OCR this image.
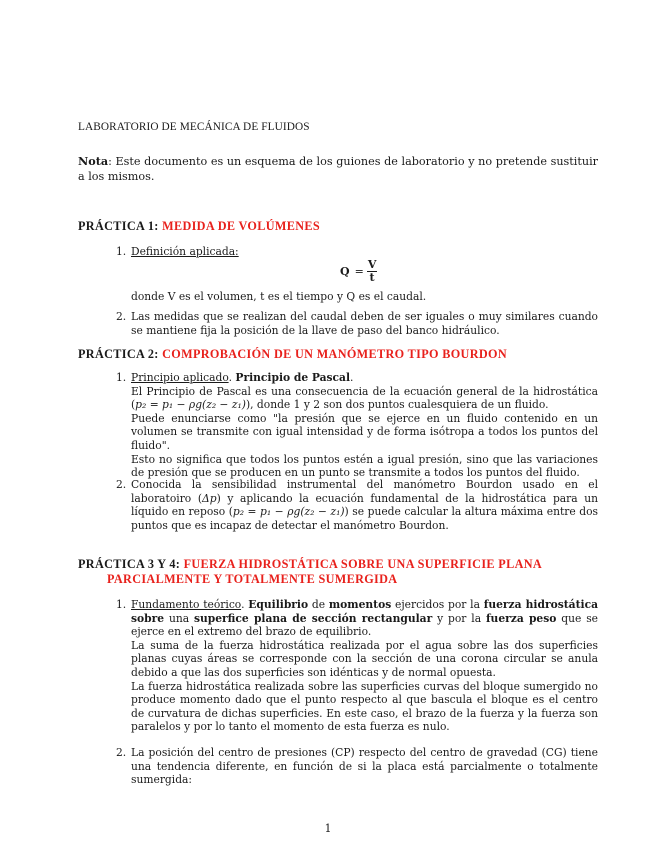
LABORATORIO DE MECÁNICA DE FLUIDOS
Nota: Este documento es un esquema de los guiones de laboratorio y no pretende sustituir a los mismos.
PRÁCTICA 1: MEDIDA DE VOLÚMENES
1. Definición aplicada:
Q	=	V
t
donde V es el volumen, t es el tiempo y Q es el caudal.
2. Las medidas que se realizan del caudal deben de ser iguales o muy similares cuando se mantiene fija la posición de la llave de paso del banco hidráulico.
PRÁCTICA 2: COMPROBACIÓN DE UN MANÓMETRO TIPO BOURDON
1. Principio aplicado. Principio de Pascal.
El Principio de Pascal es una consecuencia de la ecuación general de la hidrostática (p₂ = p₁ − ρg(z₂ − z₁)), donde 1 y 2 son dos puntos cualesquiera de un fluido.
Puede enunciarse como "la presión que se ejerce en un fluido contenido en un volumen se transmite con igual intensidad y de forma isótropa a todos los puntos del fluido".
Esto no significa que todos los puntos estén a igual presión, sino que las variaciones de presión que se producen en un punto se transmite a todos los puntos del fluido.
2. Conocida la sensibilidad instrumental del manómetro Bourdon usado en el laboratoiro (Δp) y aplicando la ecuación fundamental de la hidrostática para un líquido en reposo (p₂ = p₁ − ρg(z₂ − z₁)) se puede calcular la altura máxima entre dos puntos que es incapaz de detectar el manómetro Bourdon.
PRÁCTICA 3 Y 4: FUERZA HIDROSTÁTICA SOBRE UNA SUPERFICIE PLANA
PARCIALMENTE Y TOTALMENTE SUMERGIDA
1. Fundamento teórico. Equilibrio de momentos ejercidos por la fuerza hidrostática sobre una superfice plana de sección rectangular y por la fuerza peso que se ejerce en el extremo del brazo de equilibrio.
La suma de la fuerza hidrostática realizada por el agua sobre las dos superficies planas cuyas áreas se corresponde con la sección de una corona circular se anula debido a que las dos superficies son idénticas y de normal opuesta.
La fuerza hidrostática realizada sobre las superficies curvas del bloque sumergido no produce momento dado que el punto respecto al que bascula el bloque es el centro de curvatura de dichas superficies. En este caso, el brazo de la fuerza y la fuerza son paralelos y por lo tanto el momento de esta fuerza es nulo.
2. La posición del centro de presiones (CP) respecto del centro de gravedad (CG) tiene una tendencia diferente, en función de si la placa está parcialmente o totalmente sumergida:
1
